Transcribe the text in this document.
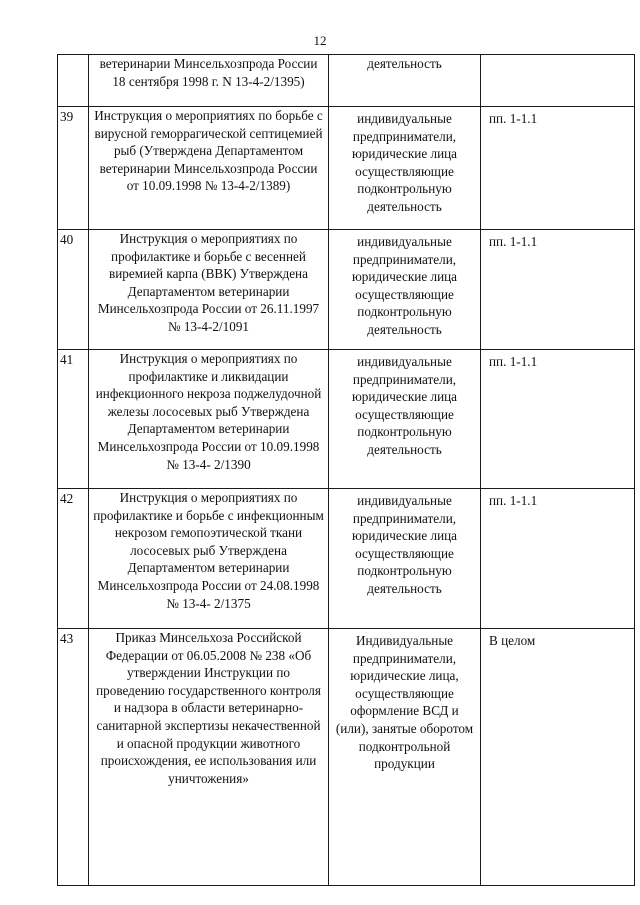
12
	ветеринарии Минсельхозпрода России 18 сентября 1998 г. N 13-4-2/1395)	деятельность	
39	Инструкция о мероприятиях по борьбе с вирусной геморрагической септицемией рыб (Утверждена Департаментом ветеринарии Минсельхозпрода России от 10.09.1998 № 13-4-2/1389)	индивидуальные предприниматели, юридические лица осуществляющие подконтрольную деятельность	пп. 1-1.1
40	Инструкция о мероприятиях по профилактике и борьбе с весенней виремией карпа (ВВК) Утверждена Департаментом ветеринарии Минсельхозпрода России от 26.11.1997 № 13-4-2/1091	индивидуальные предприниматели, юридические лица осуществляющие подконтрольную деятельность	пп. 1-1.1
41	Инструкция о мероприятиях по профилактике и ликвидации инфекционного некроза поджелудочной железы лососевых рыб Утверждена Департаментом ветеринарии Минсельхозпрода России от 10.09.1998 № 13-4- 2/1390	индивидуальные предприниматели, юридические лица осуществляющие подконтрольную деятельность	пп. 1-1.1
42	Инструкция о мероприятиях по профилактике и борьбе с инфекционным некрозом гемопоэтической ткани лососевых рыб Утверждена Департаментом ветеринарии Минсельхозпрода России от 24.08.1998 № 13-4- 2/1375	индивидуальные предприниматели, юридические лица осуществляющие подконтрольную деятельность	пп. 1-1.1
43	Приказ Минсельхоза Российской Федерации от 06.05.2008 № 238 «Об утверждении Инструкции по проведению государственного контроля и надзора в области ветеринарно-санитарной экспертизы некачественной и опасной продукции животного происхождения, ее использования или уничтожения»	Индивидуальные предприниматели, юридические лица, осуществляющие оформление ВСД и (или), занятые оборотом подконтрольной продукции	В целом
